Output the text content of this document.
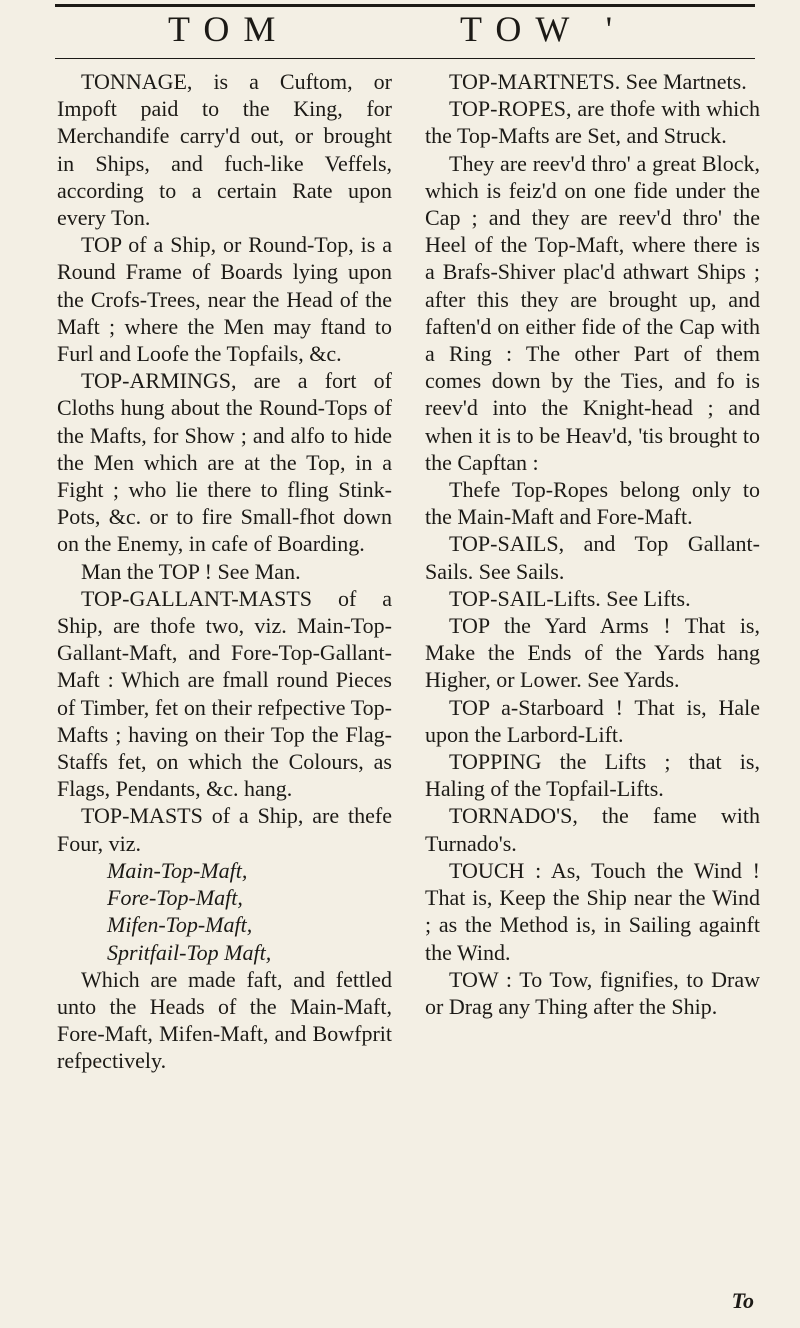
TOM	TOW '

TONNAGE, is a Cuftom, or Impoft paid to the King, for Merchandife carry'd out, or brought in Ships, and fuch-like Veffels, according to a certain Rate upon every Ton.

TOP of a Ship, or Round-Top, is a Round Frame of Boards lying upon the Crofs-Trees, near the Head of the Maft ; where the Men may ftand to Furl and Loofe the Topfails, &c.

TOP-ARMINGS, are a fort of Cloths hung about the Round-Tops of the Mafts, for Show ; and alfo to hide the Men which are at the Top, in a Fight ; who lie there to fling Stink-Pots, &c. or to fire Small-fhot down on the Enemy, in cafe of Boarding.

Man the TOP ! See Man.

TOP-GALLANT-MASTS of a Ship, are thofe two, viz. Main-Top-Gallant-Maft, and Fore-Top-Gallant-Maft : Which are fmall round Pieces of Timber, fet on their refpective Top-Mafts ; having on their Top the Flag-Staffs fet, on which the Colours, as Flags, Pendants, &c. hang.

TOP-MASTS of a Ship, are thefe Four, viz.

Main-Top-Maft,

Fore-Top-Maft,

Mifen-Top-Maft,

Spritfail-Top Maft,

Which are made faft, and fettled unto the Heads of the Main-Maft, Fore-Maft, Mifen-Maft, and Bowfprit refpectively.

TOP-MARTNETS. See Martnets.

TOP-ROPES, are thofe with which the Top-Mafts are Set, and Struck.

They are reev'd thro' a great Block, which is feiz'd on one fide under the Cap ; and they are reev'd thro' the Heel of the Top-Maft, where there is a Brafs-Shiver plac'd athwart Ships ; after this they are brought up, and faften'd on either fide of the Cap with a Ring : The other Part of them comes down by the Ties, and fo is reev'd into the Knight-head ; and when it is to be Heav'd, 'tis brought to the Capftan :

Thefe Top-Ropes belong only to the Main-Maft and Fore-Maft.

TOP-SAILS, and Top Gallant-Sails. See Sails.

TOP-SAIL-Lifts. See Lifts.

TOP the Yard Arms ! That is, Make the Ends of the Yards hang Higher, or Lower. See Yards.

TOP a-Starboard ! That is, Hale upon the Larbord-Lift.

TOPPING the Lifts ; that is, Haling of the Topfail-Lifts.

TORNADO'S, the fame with Turnado's.

TOUCH : As, Touch the Wind ! That is, Keep the Ship near the Wind ; as the Method is, in Sailing againft the Wind.

TOW : To Tow, fignifies, to Draw or Drag any Thing after the Ship.

To
